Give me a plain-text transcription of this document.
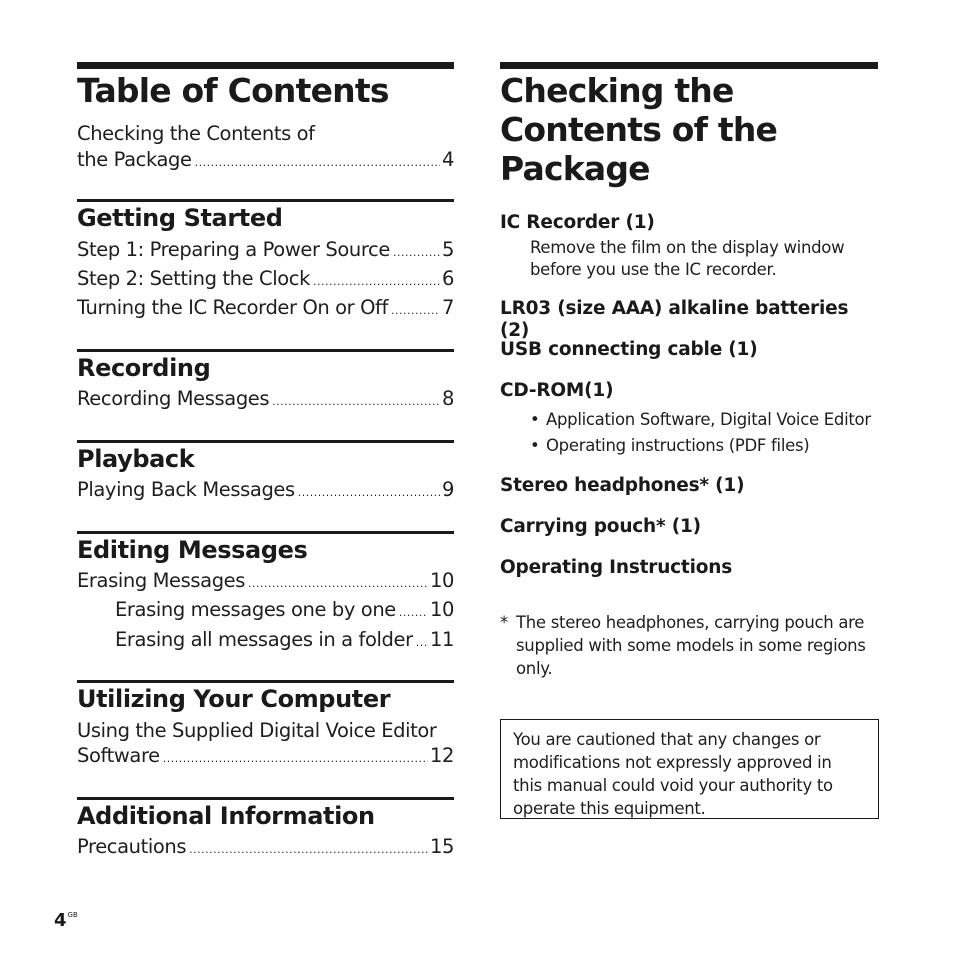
Table of Contents
Checking the Contents of
the Package .....	4
Getting Started
Step 1: Preparing a Power Source .....	5
Step 2: Setting the Clock .....	6
Turning the IC Recorder On or Off .....	7
Recording
Recording Messages .....	8
Playback
Playing Back Messages .....	9
Editing Messages
Erasing Messages .....	10
Erasing messages one by one ..... 10
Erasing all messages in a folder ..... 11
Utilizing Your Computer
Using the Supplied Digital Voice Editor
Software .....	12
Additional Information
Precautions .....	15
Checking the
Contents of the
Package
IC Recorder (1)
Remove the film on the display window
before you use the IC recorder.
LR03 (size AAA) alkaline batteries (2)
USB connecting cable (1)
CD-ROM(1)
• Application Software, Digital Voice Editor
• Operating instructions (PDF files)
Stereo headphones* (1)
Carrying pouch* (1)
Operating Instructions
* The stereo headphones, carrying pouch are
supplied with some models in some regions
only.
You are cautioned that any changes or
modifications not expressly approved in
this manual could void your authority to
operate this equipment.
$4^{GB}$
